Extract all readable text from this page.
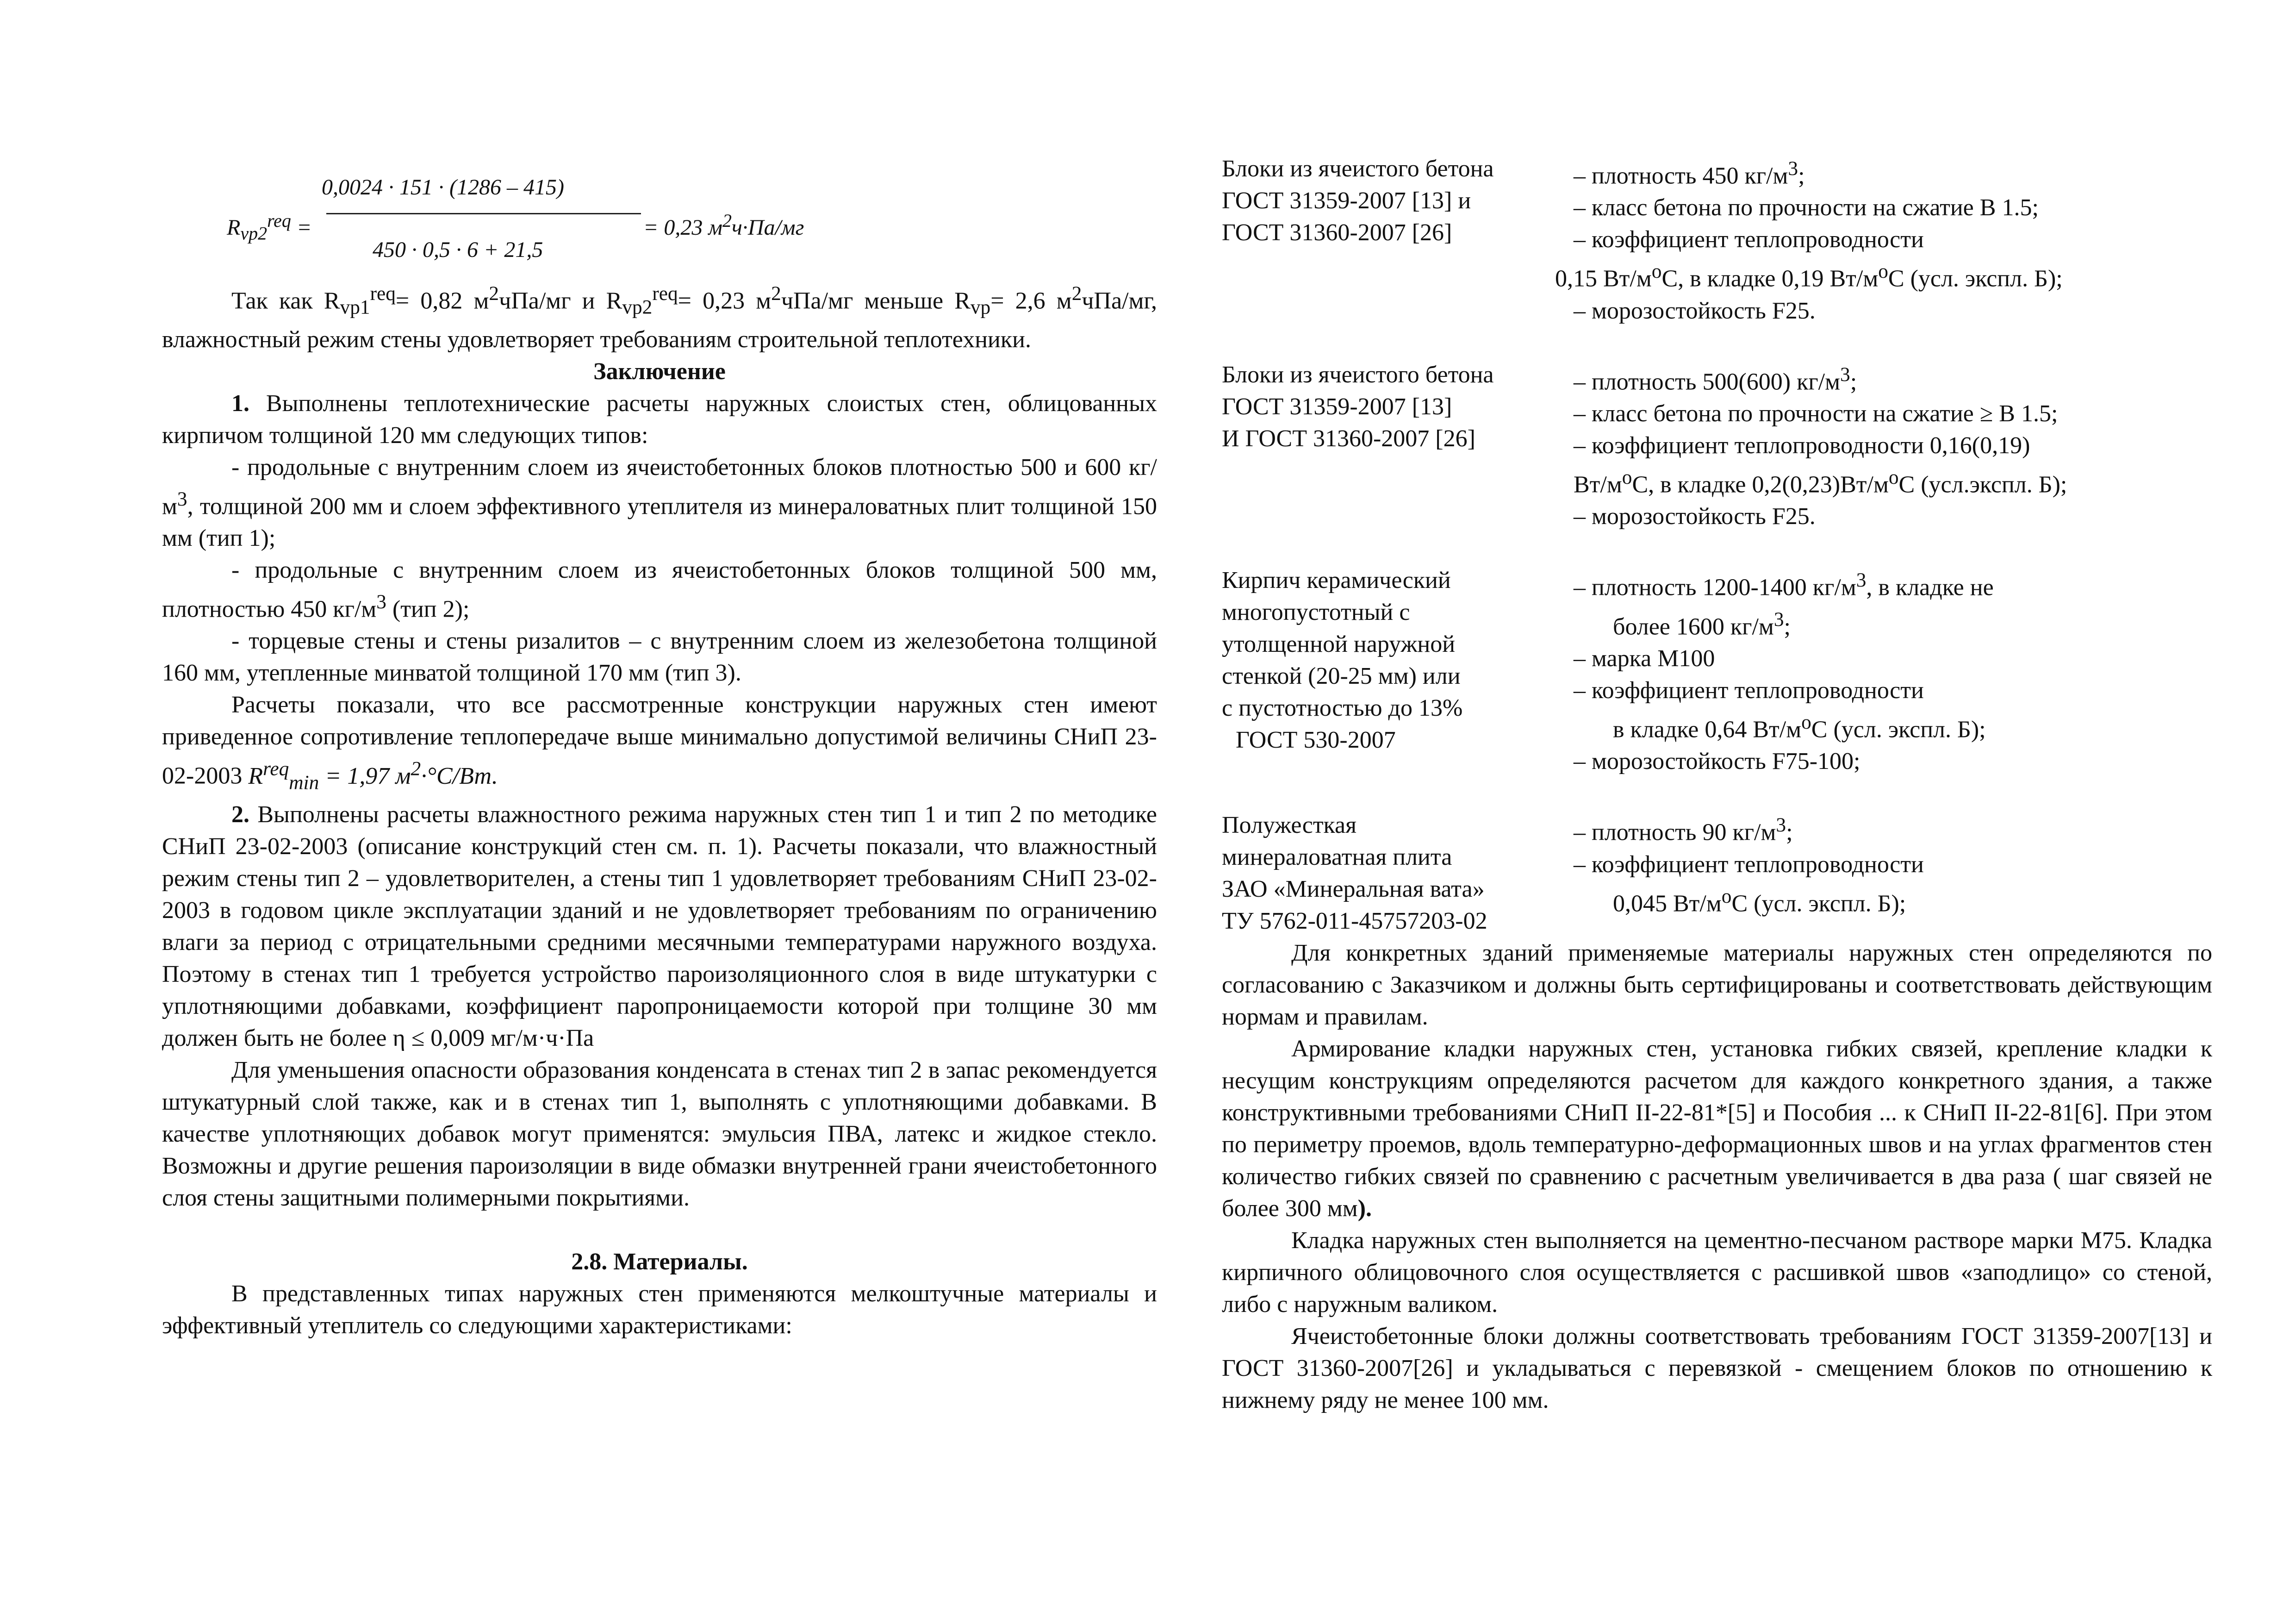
$R_{vp2}^{req}$ =
0,0024 · 151 · (1286 – 415)
450 · 0,5 · 6 + 21,5
= 0,23 $м^2ч\cdot Па/мг$

Так как $R_{vp1}^{req}= 0,82$ $м^2чПа/мг$ и $R_{vp2}^{req}= 0,23$ $м^2чПа/мг$ меньше $R_{vp}= 2,6$ $м^2чПа/мг$, влажностный режим стены удовлетворяет требованиям строительной теплотехники.

Заключение

1. Выполнены теплотехнические расчеты наружных слоистых стен, облицованных кирпичом толщиной 120 мм следующих типов:

- продольные с внутренним слоем из ячеистобетонных блоков плотностью 500 и 600 $кг/м^3$, толщиной 200 мм и слоем эффективного утеплителя из минераловатных плит толщиной 150 мм (тип 1);

- продольные с внутренним слоем из ячеистобетонных блоков толщиной 500 мм, плотностью 450 $кг/м^3$ (тип 2);

- торцевые стены и стены ризалитов – с внутренним слоем из железобетона толщиной 160 мм, утепленные минватой толщиной 170 мм (тип 3).

Расчеты показали, что все рассмотренные конструкции наружных стен имеют приведенное сопротивление теплопередаче выше минимально допустимой величины СНиП 23-02-2003 $R^{req}_{min} = 1,97$ $м^2\cdot^\circ С/Вт$.

2. Выполнены расчеты влажностного режима наружных стен тип 1 и тип 2 по методике СНиП 23-02-2003 (описание конструкций стен см. п. 1). Расчеты показали, что влажностный режим стены тип 2 – удовлетворителен, а стены тип 1 удовлетворяет требованиям СНиП 23-02-2003 в годовом цикле эксплуатации зданий и не удовлетворяет требованиям по ограничению влаги за период с отрицательными средними месячными температурами наружного воздуха. Поэтому в стенах тип 1 требуется устройство пароизоляционного слоя в виде штукатурки с уплотняющими добавками, коэффициент паропроницаемости которой при толщине 30 мм должен быть не более η ≤ 0,009 мг/м·ч·Па

Для уменьшения опасности образования конденсата в стенах тип 2 в запас рекомендуется штукатурный слой также, как и в стенах тип 1, выполнять с уплотняющими добавками. В качестве уплотняющих добавок могут применятся: эмульсия ПВА, латекс и жидкое стекло. Возможны и другие решения пароизоляции в виде обмазки внутренней грани ячеистобетонного слоя стены защитными полимерными покрытиями.

2.8. Материалы.

В представленных типах наружных стен применяются мелкоштучные материалы и эффективный утеплитель со следующими характеристиками:

Блоки из ячеистого бетона
ГОСТ 31359-2007 [13] и
ГОСТ 31360-2007 [26]
– плотность 450 $кг/м^3$;
– класс бетона по прочности на сжатие В 1.5;
– коэффициент теплопроводности
0,15 $Вт/м^оС$, в кладке 0,19 $Вт/м^оС$ (усл. экспл. Б);
– морозостойкость F25.
Блоки из ячеистого бетона
ГОСТ 31359-2007 [13]
И ГОСТ 31360-2007 [26]
– плотность 500(600) $кг/м^3$;
– класс бетона по прочности на сжатие ≥ В 1.5;
– коэффициент теплопроводности 0,16(0,19)
$Вт/м^оС$, в кладке $0,2(0,23)Вт/м^оС$ (усл.экспл. Б);
– морозостойкость F25.
Кирпич керамический
многопустотный с
утолщенной наружной
стенкой (20-25 мм) или
с пустотностью до 13%
ГОСТ 530-2007
– плотность 1200-1400 $кг/м^3$, в кладке не
более 1600 $кг/м^3$;
– марка М100
– коэффициент теплопроводности
в кладке 0,64 $Вт/м^оС$ (усл. экспл. Б);
– морозостойкость F75-100;
Полужесткая
минераловатная плита
ЗАО «Минеральная вата»
ТУ 5762-011-45757203-02
– плотность 90 $кг/м^3$;
– коэффициент теплопроводности
0,045 $Вт/м^оС$ (усл. экспл. Б);

Для конкретных зданий применяемые материалы наружных стен определяются по согласованию с Заказчиком и должны быть сертифицированы и соответствовать действующим нормам и правилам.

Армирование кладки наружных стен, установка гибких связей, крепление кладки к несущим конструкциям определяются расчетом для каждого конкретного здания, а также конструктивными требованиями СНиП II-22-81*[5] и Пособия ... к СНиП II-22-81[6]. При этом по периметру проемов, вдоль температурно-деформационных швов и на углах фрагментов стен количество гибких связей по сравнению с расчетным увеличивается в два раза ( шаг связей не более 300 мм).

Кладка наружных стен выполняется на цементно-песчаном растворе марки М75. Кладка кирпичного облицовочного слоя осуществляется с расшивкой швов «заподлицо» со стеной, либо с наружным валиком.

Ячеистобетонные блоки должны соответствовать требованиям ГОСТ 31359-2007[13] и ГОСТ 31360-2007[26] и укладываться с перевязкой - смещением блоков по отношению к нижнему ряду не менее 100 мм.
